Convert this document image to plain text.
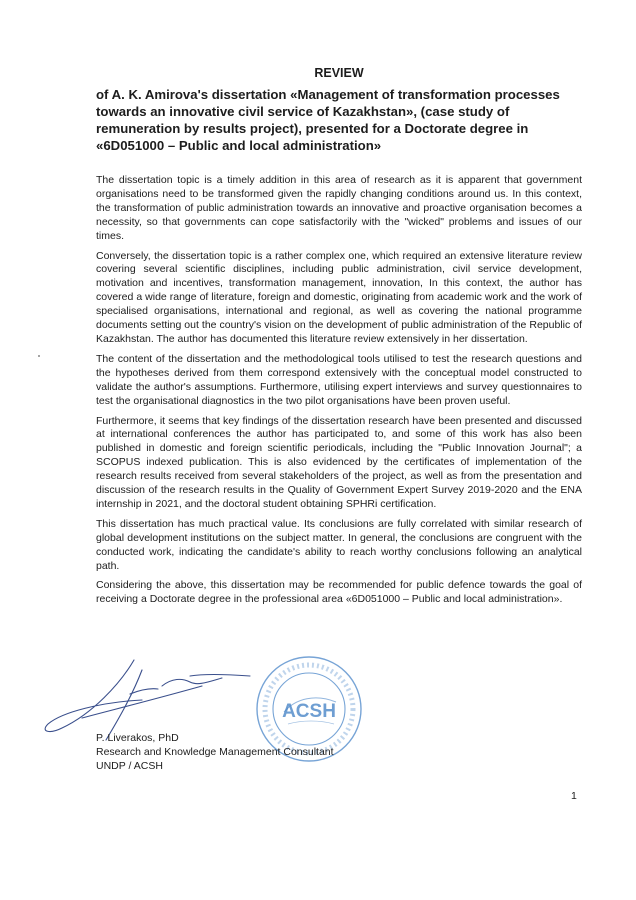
REVIEW
of A. K. Amirova's dissertation «Management of transformation processes towards an innovative civil service of Kazakhstan», (case study of remuneration by results project), presented for a Doctorate degree in «6D051000 – Public and local administration»

The dissertation topic is a timely addition in this area of research as it is apparent that government organisations need to be transformed given the rapidly changing conditions around us. In this context, the transformation of public administration towards an innovative and proactive organisation becomes a necessity, so that governments can cope satisfactorily with the "wicked" problems and issues of our times.

Conversely, the dissertation topic is a rather complex one, which required an extensive literature review covering several scientific disciplines, including public administration, civil service development, motivation and incentives, transformation management, innovation, In this context, the author has covered a wide range of literature, foreign and domestic, originating from academic work and the work of specialised organisations, international and regional, as well as covering the national programme documents setting out the country's vision on the development of public administration of the Republic of Kazakhstan. The author has documented this literature review extensively in her dissertation.

The content of the dissertation and the methodological tools utilised to test the research questions and the hypotheses derived from them correspond extensively with the conceptual model constructed to validate the author's assumptions. Furthermore, utilising expert interviews and survey questionnaires to test the organisational diagnostics in the two pilot organisations have been proven useful.

Furthermore, it seems that key findings of the dissertation research have been presented and discussed at international conferences the author has participated to, and some of this work has also been published in domestic and foreign scientific periodicals, including the "Public Innovation Journal"; a SCOPUS indexed publication. This is also evidenced by the certificates of implementation of the research results received from several stakeholders of the project, as well as from the presentation and discussion of the research results in the Quality of Government Expert Survey 2019-2020 and the ENA internship in 2021, and the doctoral student obtaining SPHRi certification.

This dissertation has much practical value. Its conclusions are fully correlated with similar research of global development institutions on the subject matter. In general, the conclusions are congruent with the conducted work, indicating the candidate's ability to reach worthy conclusions following an analytical path.

Considering the above, this dissertation may be recommended for public defence towards the goal of receiving a Doctorate degree in the professional area «6D051000 – Public and local administration».

ACSH
P. Liverakos, PhD
Research and Knowledge Management Consultant
UNDP / ACSH
1
